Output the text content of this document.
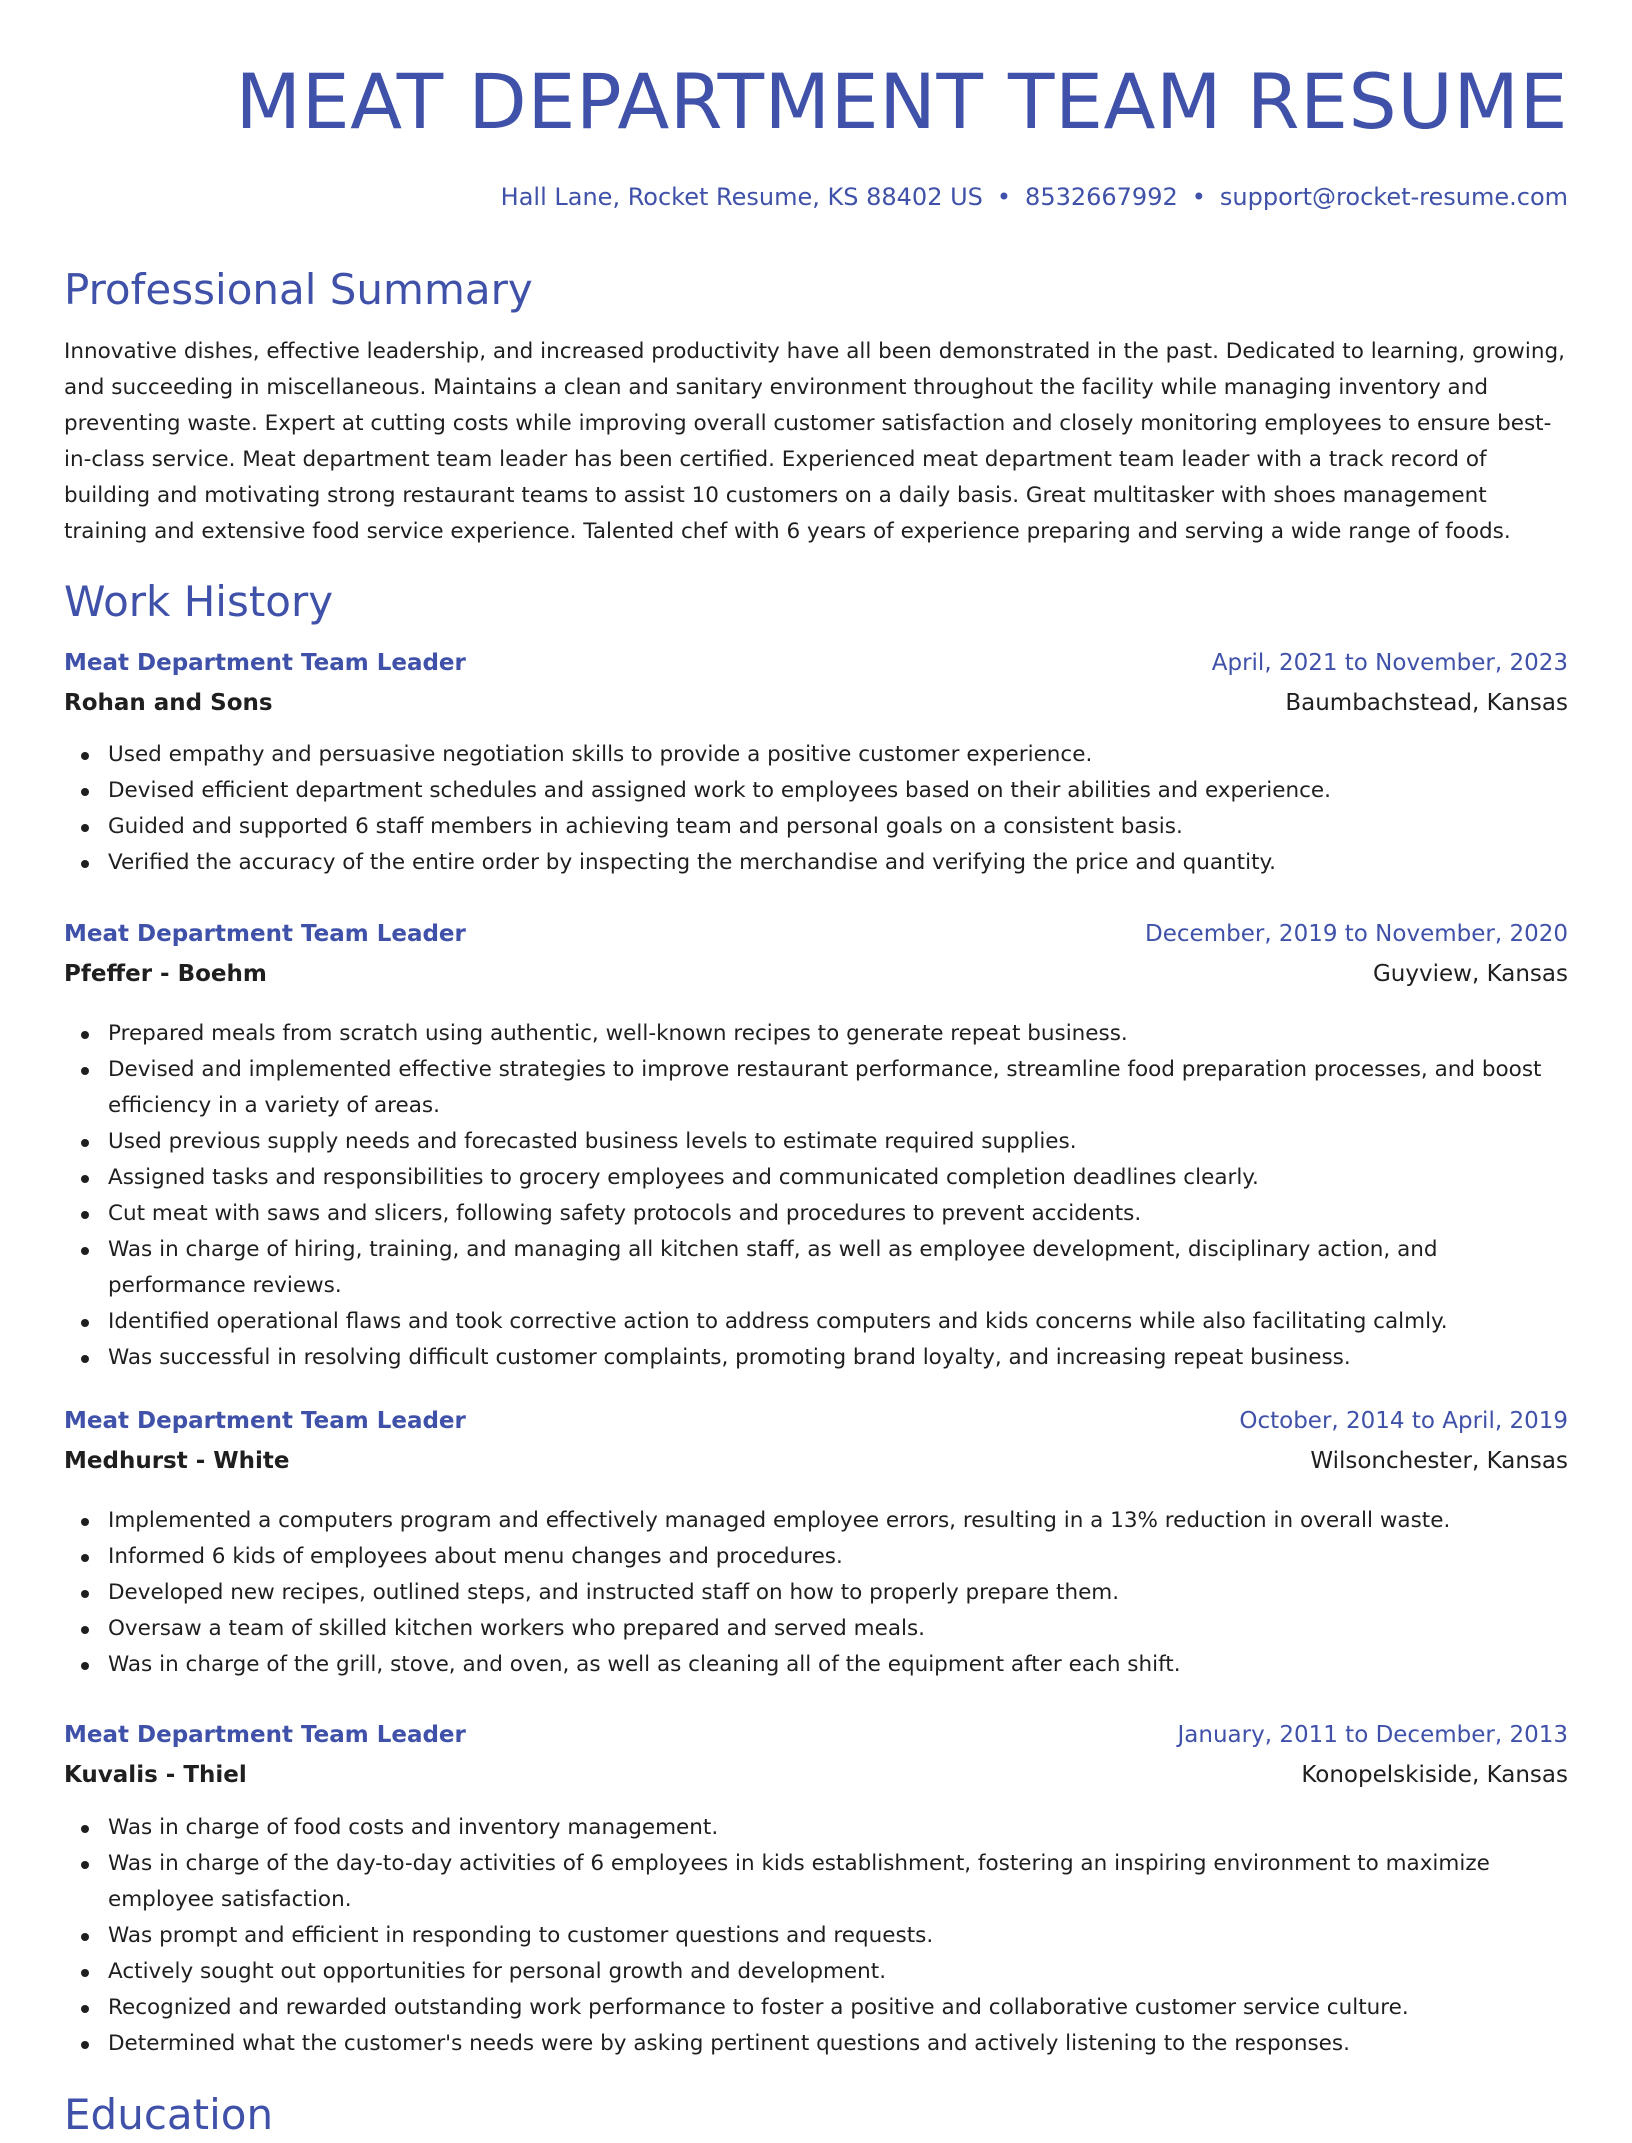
MEAT DEPARTMENT TEAM RESUME
Hall Lane, Rocket Resume, KS 88402 US • 8532667992 • support@rocket-resume.com
Professional Summary

Innovative dishes, effective leadership, and increased productivity have all been demonstrated in the past. Dedicated to learning, growing, and succeeding in miscellaneous. Maintains a clean and sanitary environment throughout the facility while managing inventory and preventing waste. Expert at cutting costs while improving overall customer satisfaction and closely monitoring employees to ensure best-in-class service. Meat department team leader has been certified. Experienced meat department team leader with a track record of building and motivating strong restaurant teams to assist 10 customers on a daily basis. Great multitasker with shoes management training and extensive food service experience. Talented chef with 6 years of experience preparing and serving a wide range of foods.

Work History
Meat Department Team Leader	April, 2021 to November, 2023
Rohan and Sons	Baumbachstead, Kansas
Used empathy and persuasive negotiation skills to provide a positive customer experience.
Devised efficient department schedules and assigned work to employees based on their abilities and experience.
Guided and supported 6 staff members in achieving team and personal goals on a consistent basis.
Verified the accuracy of the entire order by inspecting the merchandise and verifying the price and quantity.
Meat Department Team Leader	December, 2019 to November, 2020
Pfeffer - Boehm	Guyview, Kansas
Prepared meals from scratch using authentic, well-known recipes to generate repeat business.
Devised and implemented effective strategies to improve restaurant performance, streamline food preparation processes, and boost efficiency in a variety of areas.
Used previous supply needs and forecasted business levels to estimate required supplies.
Assigned tasks and responsibilities to grocery employees and communicated completion deadlines clearly.
Cut meat with saws and slicers, following safety protocols and procedures to prevent accidents.
Was in charge of hiring, training, and managing all kitchen staff, as well as employee development, disciplinary action, and performance reviews.
Identified operational flaws and took corrective action to address computers and kids concerns while also facilitating calmly.
Was successful in resolving difficult customer complaints, promoting brand loyalty, and increasing repeat business.
Meat Department Team Leader	October, 2014 to April, 2019
Medhurst - White	Wilsonchester, Kansas
Implemented a computers program and effectively managed employee errors, resulting in a 13% reduction in overall waste.
Informed 6 kids of employees about menu changes and procedures.
Developed new recipes, outlined steps, and instructed staff on how to properly prepare them.
Oversaw a team of skilled kitchen workers who prepared and served meals.
Was in charge of the grill, stove, and oven, as well as cleaning all of the equipment after each shift.
Meat Department Team Leader	January, 2011 to December, 2013
Kuvalis - Thiel	Konopelskiside, Kansas
Was in charge of food costs and inventory management.
Was in charge of the day-to-day activities of 6 employees in kids establishment, fostering an inspiring environment to maximize employee satisfaction.
Was prompt and efficient in responding to customer questions and requests.
Actively sought out opportunities for personal growth and development.
Recognized and rewarded outstanding work performance to foster a positive and collaborative customer service culture.
Determined what the customer's needs were by asking pertinent questions and actively listening to the responses.
Education
